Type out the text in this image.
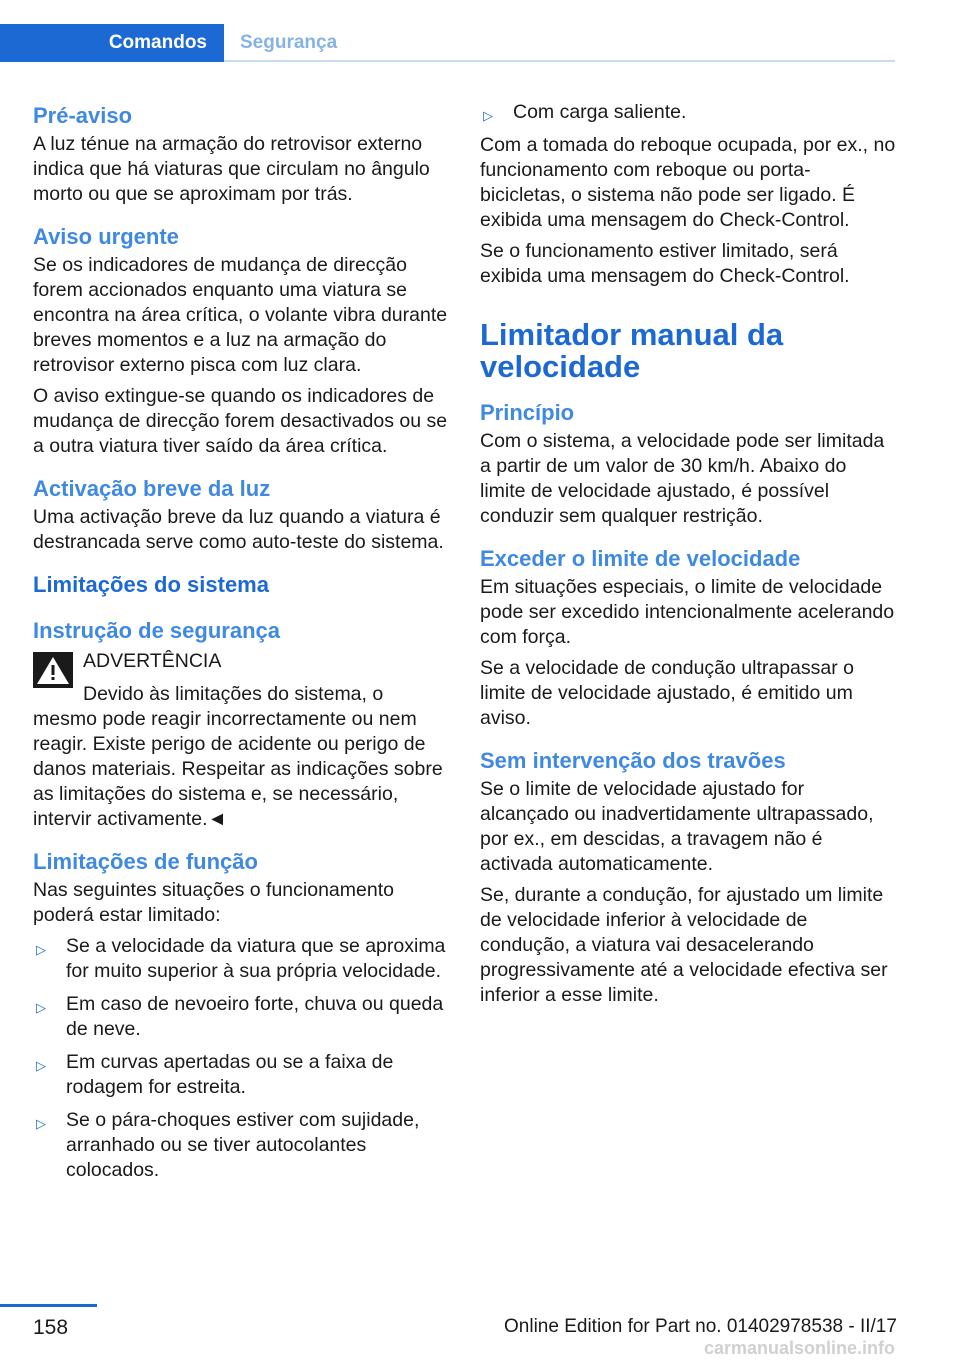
Comandos	Segurança
Pré-aviso

A luz ténue na armação do retrovisor externo indica que há viaturas que circulam no ângulo morto ou que se aproximam por trás.

Aviso urgente

Se os indicadores de mudança de direcção forem accionados enquanto uma viatura se encontra na área crítica, o volante vibra durante breves momentos e a luz na armação do retrovisor externo pisca com luz clara.

O aviso extingue-se quando os indicadores de mudança de direcção forem desactivados ou se a outra viatura tiver saído da área crítica.

Activação breve da luz

Uma activação breve da luz quando a viatura é destrancada serve como auto-teste do sistema.

Limitações do sistema
Instrução de segurança

ADVERTÊNCIA

Devido às limitações do sistema, o

mesmo pode reagir incorrectamente ou nem reagir. Existe perigo de acidente ou perigo de danos materiais. Respeitar as indicações sobre as limitações do sistema e, se necessário, intervir activamente.◄

Limitações de função

Nas seguintes situações o funcionamento poderá estar limitado:

▷ Se a velocidade da viatura que se aproxima for muito superior à sua própria velocidade.
▷ Em caso de nevoeiro forte, chuva ou queda de neve.
▷ Em curvas apertadas ou se a faixa de rodagem for estreita.
▷ Se o pára-choques estiver com sujidade, arranhado ou se tiver autocolantes colocados.
▷ Com carga saliente.

Com a tomada do reboque ocupada, por ex., no funcionamento com reboque ou porta-bicicletas, o sistema não pode ser ligado. É exibida uma mensagem do Check-Control.

Se o funcionamento estiver limitado, será exibida uma mensagem do Check-Control.

Limitador manual da velocidade
Princípio

Com o sistema, a velocidade pode ser limitada a partir de um valor de 30 km/h. Abaixo do limite de velocidade ajustado, é possível conduzir sem qualquer restrição.

Exceder o limite de velocidade

Em situações especiais, o limite de velocidade pode ser excedido intencionalmente acelerando com força.

Se a velocidade de condução ultrapassar o limite de velocidade ajustado, é emitido um aviso.

Sem intervenção dos travões

Se o limite de velocidade ajustado for alcançado ou inadvertidamente ultrapassado, por ex., em descidas, a travagem não é activada automaticamente.

Se, durante a condução, for ajustado um limite de velocidade inferior à velocidade de condução, a viatura vai desacelerando progressivamente até a velocidade efectiva ser inferior a esse limite.

158	Online Edition for Part no. 01402978538 - II/17
carmanualsonline.info
